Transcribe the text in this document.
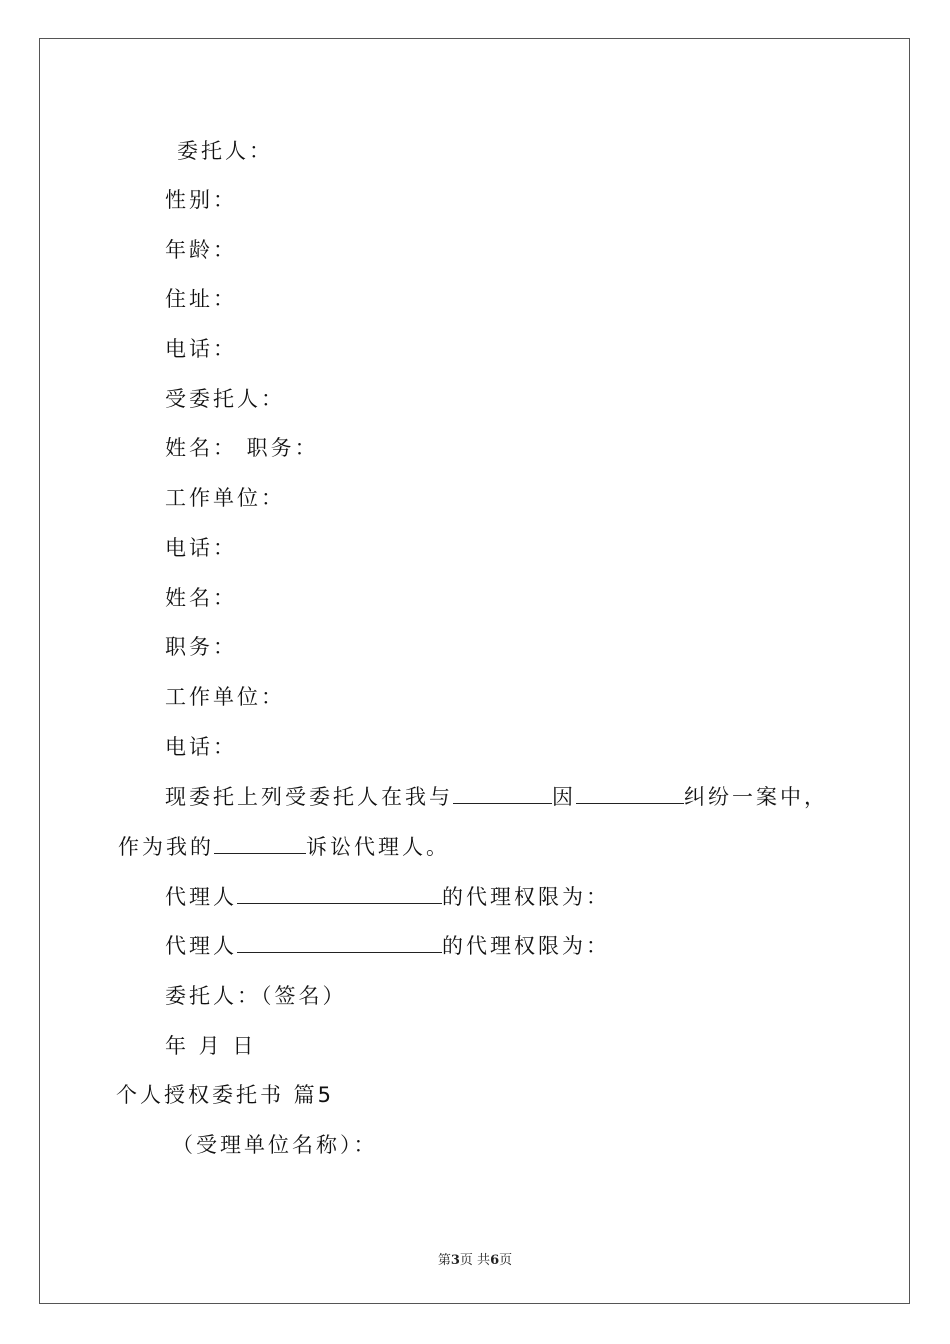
委托人：
性别：
年龄：
住址：
电话：
受委托人：
姓名： 职务：
工作单位：
电话：
姓名：
职务：
工作单位：
电话：
现委托上列受委托人在我与	因	纠纷一案中，
作为我的	诉讼代理人。
代理人	的代理权限为：
代理人	的代理权限为：
委托人：（签名）
年 月 日
个人授权委托书 篇5
（受理单位名称）：
第3页 共6页
